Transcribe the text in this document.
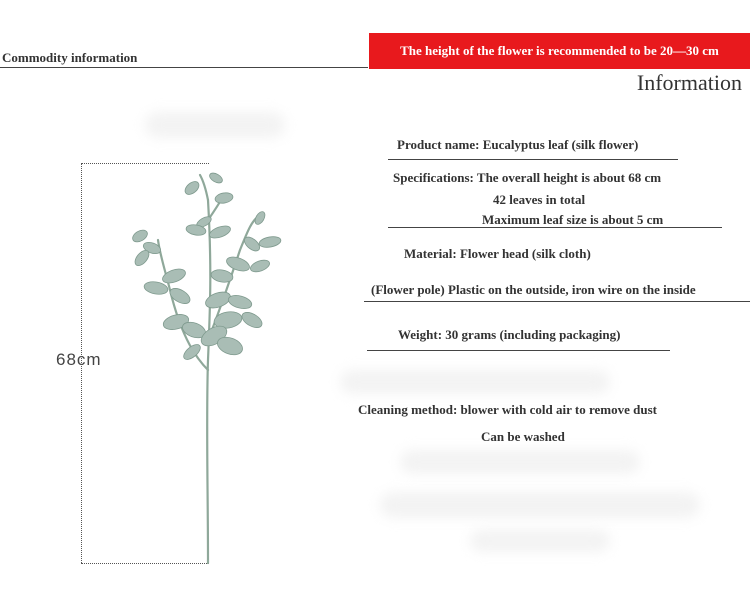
Commodity information	The height of the flower is recommended to be 20—30 cm
Information
68cm
Product name: Eucalyptus leaf (silk flower)
Specifications: The overall height is about 68 cm
42 leaves in total
Maximum leaf size is about 5 cm
Material: Flower head (silk cloth)
(Flower pole) Plastic on the outside, iron wire on the inside
Weight: 30 grams (including packaging)
Cleaning method: blower with cold air to remove dust
Can be washed
